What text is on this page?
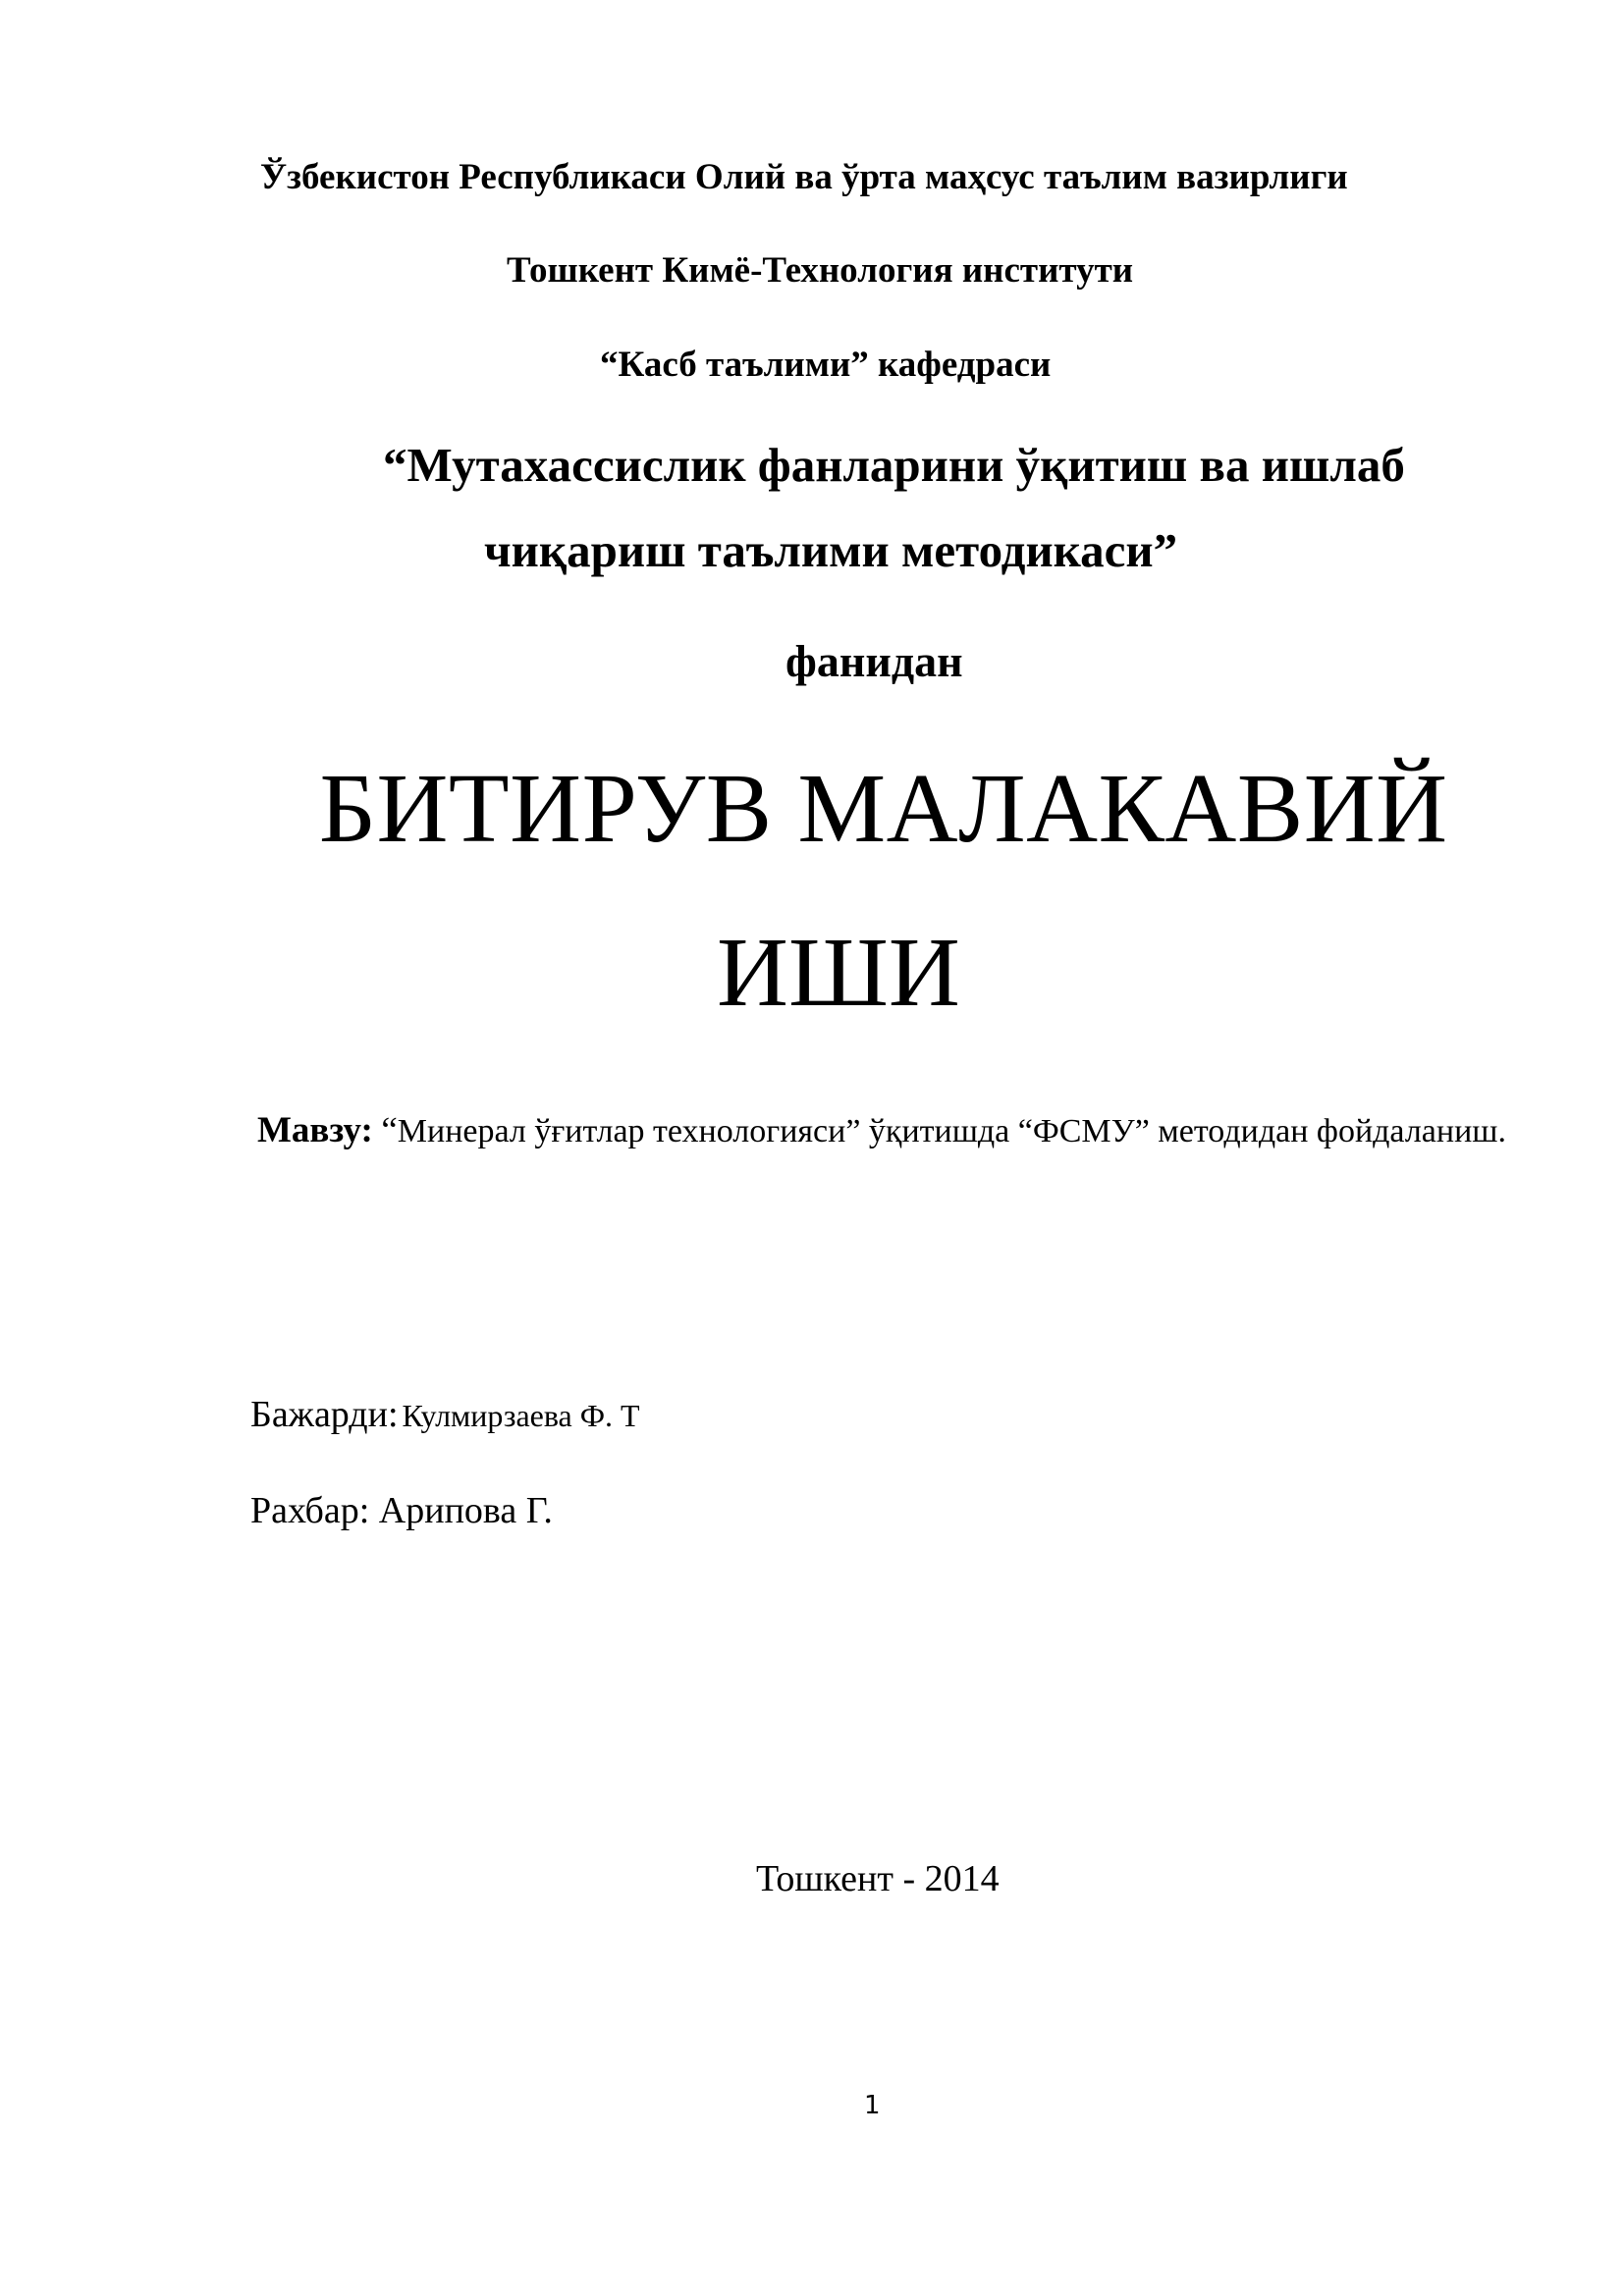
Ўзбекистон Республикаси Олий ва ўрта маҳсус таълим вазирлиги

Тошкент Кимё-Технология институти

“Касб таълими” кафедраси

“Мутахассислик фанларини ўқитиш ва ишлаб

чиқариш таълими методикаси”

фанидан

БИТИРУВ МАЛАКАВИЙ

ИШИ

Мавзу: “Минерал ўғитлар технологияси” ўқитишда “ФСМУ” методидан фойдаланиш.

Бажарди: Кулмирзаева Ф. Т

Рахбар: Арипова Г.

Тошкент - 2014

1
